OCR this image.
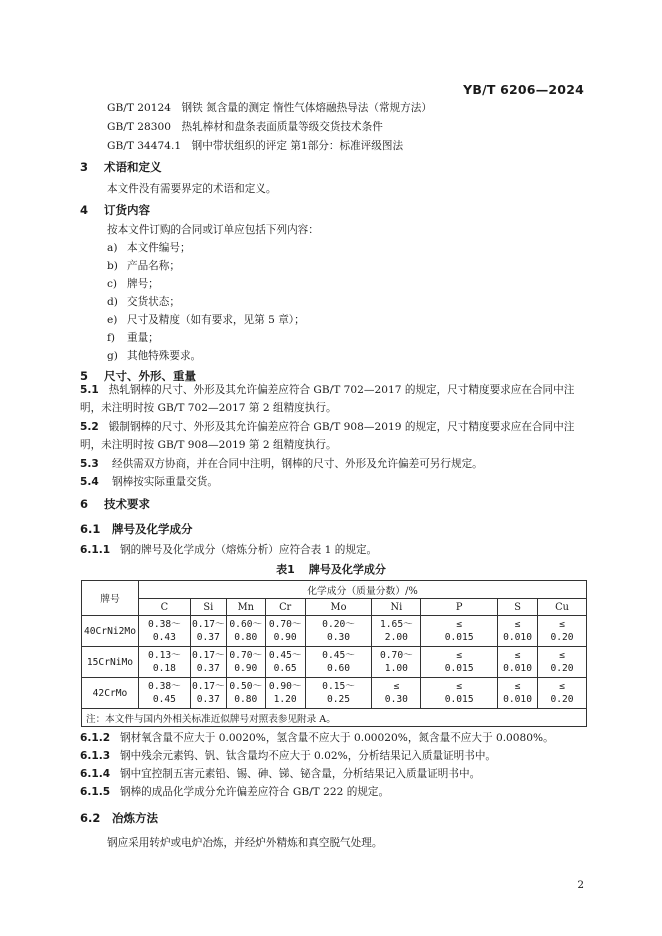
YB/T 6206—2024
GB/T 20124　钢铁 氮含量的测定 惰性气体熔融热导法（常规方法）
GB/T 28300　热轧棒材和盘条表面质量等级交货技术条件
GB/T 34474.1　钢中带状组织的评定 第1部分：标准评级图法
3 术语和定义
本文件没有需要界定的术语和定义。
4 订货内容
按本文件订购的合同或订单应包括下列内容：
a) 本文件编号；
b) 产品名称；
c) 牌号；
d) 交货状态；
e) 尺寸及精度（如有要求，见第 5 章）；
f) 重量；
g) 其他特殊要求。
5 尺寸、外形、重量
5.1 热轧钢棒的尺寸、外形及其允许偏差应符合 GB/T 702—2017 的规定，尺寸精度要求应在合同中注明，未注明时按 GB/T 702—2017 第 2 组精度执行。
5.2 锻制钢棒的尺寸、外形及其允许偏差应符合 GB/T 908—2019 的规定，尺寸精度要求应在合同中注明，未注明时按 GB/T 908—2019 第 2 组精度执行。
5.3 经供需双方协商，并在合同中注明，钢棒的尺寸、外形及允许偏差可另行规定。
5.4 钢棒按实际重量交货。
6 技术要求
6.1 牌号及化学成分
6.1.1 钢的牌号及化学成分（熔炼分析）应符合表 1 的规定。
表1 牌号及化学成分
牌号	化学成分（质量分数）/%								
	C	Si	Mn	Cr	Mo	Ni	P	S	Cu
40CrNi2Mo	0.38～
0.43	0.17～
0.37	0.60～
0.80	0.70～
0.90	0.20～
0.30	1.65～
2.00	≤
0.015	≤
0.010	≤
0.20

15CrNiMo	0.13～
0.18	0.17～
0.37	0.70～
0.90	0.45～
0.65	0.45～
0.60	0.70～
1.00	≤
0.015	≤
0.010	≤
0.20

42CrMo	0.38～
0.45	0.17～
0.37	0.50～
0.80	0.90～
1.20	0.15～
0.25	≤
0.30	≤
0.015	≤
0.010	≤
0.20

注：本文件与国内外相关标准近似牌号对照表参见附录 A。									
6.1.2 钢材氧含量不应大于 0.0020%，氢含量不应大于 0.00020%，氮含量不应大于 0.0080%。
6.1.3 钢中残余元素钨、钒、钛含量均不应大于 0.02%，分析结果记入质量证明书中。
6.1.4 钢中宜控制五害元素铅、锡、砷、锑、铋含量，分析结果记入质量证明书中。
6.1.5 钢棒的成品化学成分允许偏差应符合 GB/T 222 的规定。
6.2 冶炼方法
钢应采用转炉或电炉冶炼，并经炉外精炼和真空脱气处理。
2
